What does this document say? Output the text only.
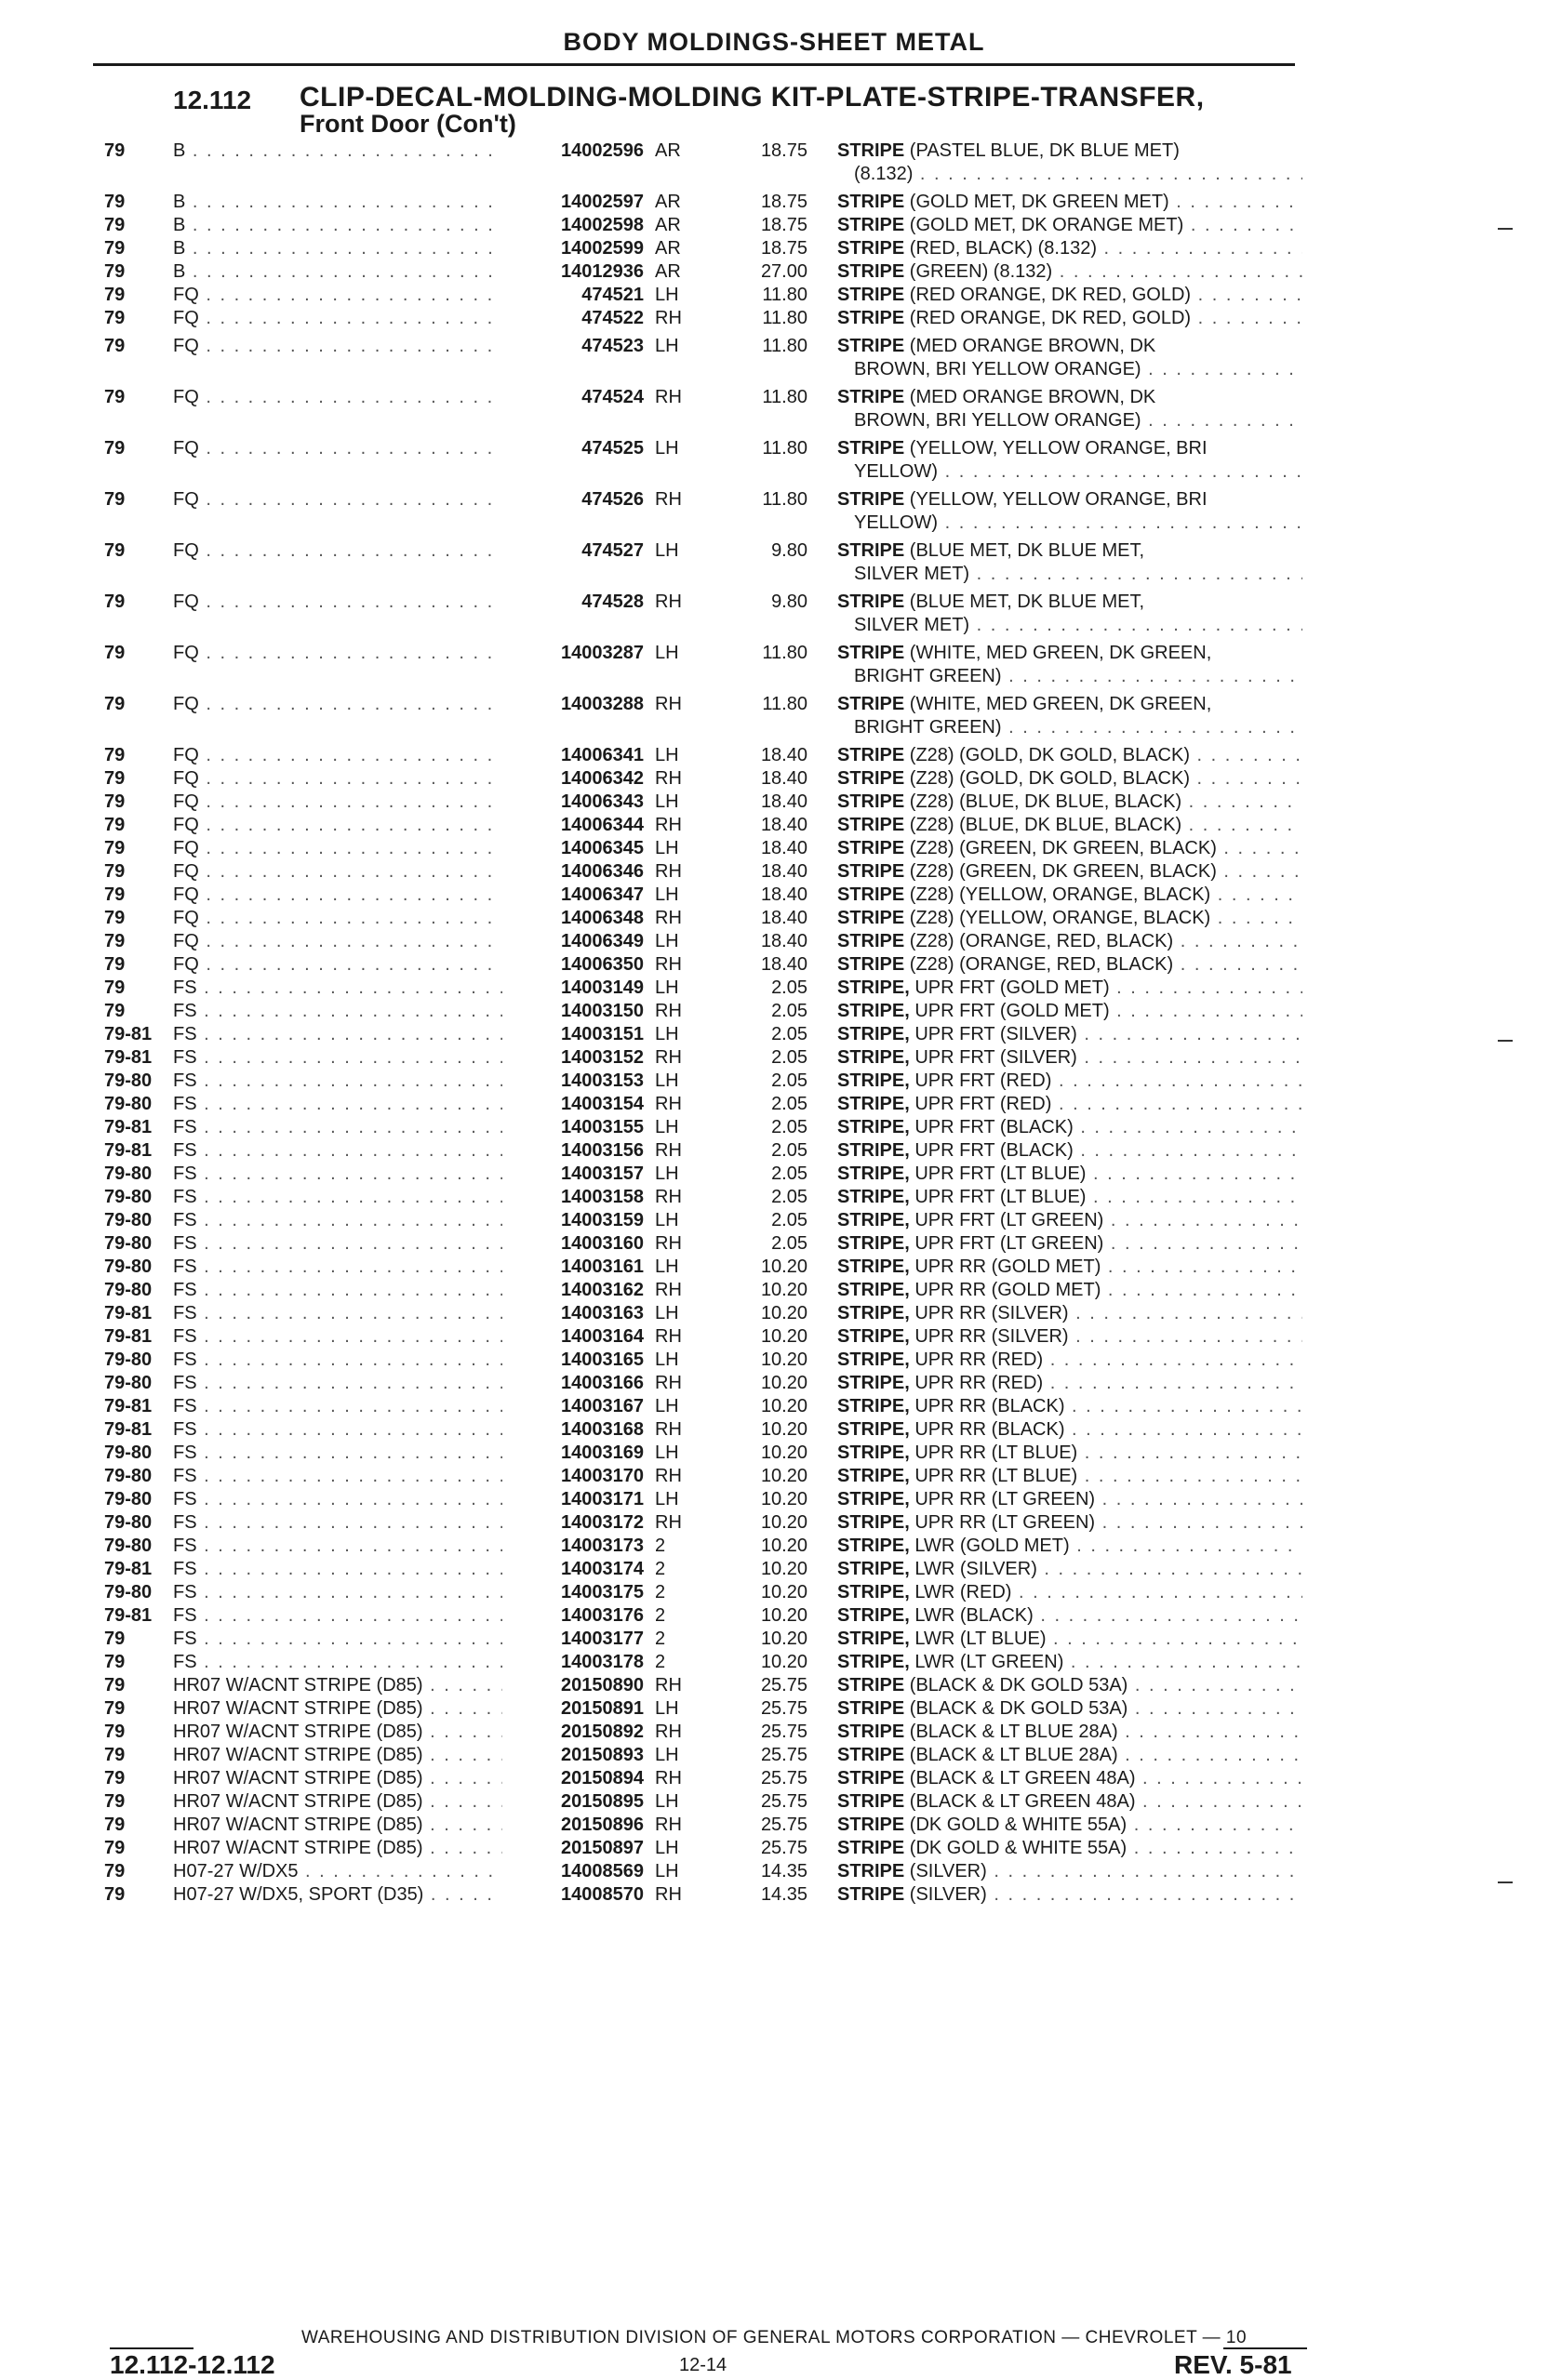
BODY MOLDINGS-SHEET METAL
12.112 CLIP-DECAL-MOLDING-MOLDING KIT-PLATE-STRIPE-TRANSFER,
Front Door (Con't)
79	B . . .	14002596 AR	18.75 STRIPE (PASTEL BLUE, DK BLUE MET)
(8.132) . . .
79	B . . .	14002597 AR	18.75 STRIPE (GOLD MET, DK GREEN MET) . . .
79	B . . .	14002598 AR	18.75 STRIPE (GOLD MET, DK ORANGE MET) . . .
79	B . . .	14002599 AR	18.75 STRIPE (RED, BLACK) (8.132) . . .
79	B . . .	14012936 AR	27.00 STRIPE (GREEN) (8.132) . . .
79	FQ . . .	474521 LH	11.80 STRIPE (RED ORANGE, DK RED, GOLD) . . .
79	FQ . . .	474522 RH	11.80 STRIPE (RED ORANGE, DK RED, GOLD) . . .
79	FQ . . .	474523 LH	11.80 STRIPE (MED ORANGE BROWN, DK
BROWN, BRI YELLOW ORANGE) . . .
79	FQ . . .	474524 RH	11.80 STRIPE (MED ORANGE BROWN, DK
BROWN, BRI YELLOW ORANGE) . . .
79	FQ . . .	474525 LH	11.80 STRIPE (YELLOW, YELLOW ORANGE, BRI
YELLOW) . . .
79	FQ . . .	474526 RH	11.80 STRIPE (YELLOW, YELLOW ORANGE, BRI
YELLOW) . . .
79	FQ . . .	474527 LH	9.80 STRIPE (BLUE MET, DK BLUE MET,
SILVER MET) . . .
79	FQ . . .	474528 RH	9.80 STRIPE (BLUE MET, DK BLUE MET,
SILVER MET) . . .
79	FQ . . .	14003287 LH	11.80 STRIPE (WHITE, MED GREEN, DK GREEN,
BRIGHT GREEN) . . .
79	FQ . . .	14003288 RH	11.80 STRIPE (WHITE, MED GREEN, DK GREEN,
BRIGHT GREEN) . . .
79	FQ . . .	14006341 LH	18.40 STRIPE (Z28) (GOLD, DK GOLD, BLACK) . . .
79	FQ . . .	14006342 RH	18.40 STRIPE (Z28) (GOLD, DK GOLD, BLACK) . . .
79	FQ . . .	14006343 LH	18.40 STRIPE (Z28) (BLUE, DK BLUE, BLACK) . . .
79	FQ . . .	14006344 RH	18.40 STRIPE (Z28) (BLUE, DK BLUE, BLACK) . . .
79	FQ . . .	14006345 LH	18.40 STRIPE (Z28) (GREEN, DK GREEN, BLACK) . . .
79	FQ . . .	14006346 RH	18.40 STRIPE (Z28) (GREEN, DK GREEN, BLACK) . . .
79	FQ . . .	14006347 LH	18.40 STRIPE (Z28) (YELLOW, ORANGE, BLACK) . . .
79	FQ . . .	14006348 RH	18.40 STRIPE (Z28) (YELLOW, ORANGE, BLACK) . . .
79	FQ . . .	14006349 LH	18.40 STRIPE (Z28) (ORANGE, RED, BLACK) . . .
79	FQ . . .	14006350 RH	18.40 STRIPE (Z28) (ORANGE, RED, BLACK) . . .
79	FS . . .	14003149 LH	2.05 STRIPE, UPR FRT (GOLD MET) . . .
79	FS . . .	14003150 RH	2.05 STRIPE, UPR FRT (GOLD MET) . . .
79-81 FS . . .	14003151 LH	2.05 STRIPE, UPR FRT (SILVER) . . .
79-81 FS . . .	14003152 RH	2.05 STRIPE, UPR FRT (SILVER) . . .
79-80 FS . . .	14003153 LH	2.05 STRIPE, UPR FRT (RED) . . .
79-80 FS . . .	14003154 RH	2.05 STRIPE, UPR FRT (RED) . . .
79-81 FS . . .	14003155 LH	2.05 STRIPE, UPR FRT (BLACK) . . .
79-81 FS . . .	14003156 RH	2.05 STRIPE, UPR FRT (BLACK) . . .
79-80 FS . . .	14003157 LH	2.05 STRIPE, UPR FRT (LT BLUE) . . .
79-80 FS . . .	14003158 RH	2.05 STRIPE, UPR FRT (LT BLUE) . . .
79-80 FS . . .	14003159 LH	2.05 STRIPE, UPR FRT (LT GREEN) . . .
79-80 FS . . .	14003160 RH	2.05 STRIPE, UPR FRT (LT GREEN) . . .
79-80 FS . . .	14003161 LH	10.20 STRIPE, UPR RR (GOLD MET) . . .
79-80 FS . . .	14003162 RH	10.20 STRIPE, UPR RR (GOLD MET) . . .
79-81 FS . . .	14003163 LH	10.20 STRIPE, UPR RR (SILVER) . . .
79-81 FS . . .	14003164 RH	10.20 STRIPE, UPR RR (SILVER) . . .
79-80 FS . . .	14003165 LH	10.20 STRIPE, UPR RR (RED) . . .
79-80 FS . . .	14003166 RH	10.20 STRIPE, UPR RR (RED) . . .
79-81 FS . . .	14003167 LH	10.20 STRIPE, UPR RR (BLACK) . . .
79-81 FS . . .	14003168 RH	10.20 STRIPE, UPR RR (BLACK) . . .
79-80 FS . . .	14003169 LH	10.20 STRIPE, UPR RR (LT BLUE) . . .
79-80 FS . . .	14003170 RH	10.20 STRIPE, UPR RR (LT BLUE) . . .
79-80 FS . . .	14003171 LH	10.20 STRIPE, UPR RR (LT GREEN) . . .
79-80 FS . . .	14003172 RH	10.20 STRIPE, UPR RR (LT GREEN) . . .
79-80 FS . . .	14003173 2	10.20 STRIPE, LWR (GOLD MET) . . .
79-81 FS . . .	14003174 2	10.20 STRIPE, LWR (SILVER) . . .
79-80 FS . . .	14003175 2	10.20 STRIPE, LWR (RED) . . .
79-81 FS . . .	14003176 2	10.20 STRIPE, LWR (BLACK) . . .
79	FS . . .	14003177 2	10.20 STRIPE, LWR (LT BLUE) . . .
79	FS . . .	14003178 2	10.20 STRIPE, LWR (LT GREEN) . . .
79	HR07 W/ACNT STRIPE (D85) . . .	20150890 RH	25.75 STRIPE (BLACK & DK GOLD 53A) . . .
79	HR07 W/ACNT STRIPE (D85) . . .	20150891 LH	25.75 STRIPE (BLACK & DK GOLD 53A) . . .
79	HR07 W/ACNT STRIPE (D85) . . .	20150892 RH	25.75 STRIPE (BLACK & LT BLUE 28A) . . .
79	HR07 W/ACNT STRIPE (D85) . . .	20150893 LH	25.75 STRIPE (BLACK & LT BLUE 28A) . . .
79	HR07 W/ACNT STRIPE (D85) . . .	20150894 RH	25.75 STRIPE (BLACK & LT GREEN 48A) . . .
79	HR07 W/ACNT STRIPE (D85) . . .	20150895 LH	25.75 STRIPE (BLACK & LT GREEN 48A) . . .
79	HR07 W/ACNT STRIPE (D85) . . .	20150896 RH	25.75 STRIPE (DK GOLD & WHITE 55A) . . .
79	HR07 W/ACNT STRIPE (D85) . . .	20150897 LH	25.75 STRIPE (DK GOLD & WHITE 55A) . . .
79	H07-27 W/DX5 . . .	14008569 LH	14.35 STRIPE (SILVER) . . .
79	H07-27 W/DX5, SPORT (D35) . . .	14008570 RH	14.35 STRIPE (SILVER) . . .
WAREHOUSING AND DISTRIBUTION DIVISION OF GENERAL MOTORS CORPORATION — CHEVROLET — 10
12.112-12.112	12-14	REV. 5-81
